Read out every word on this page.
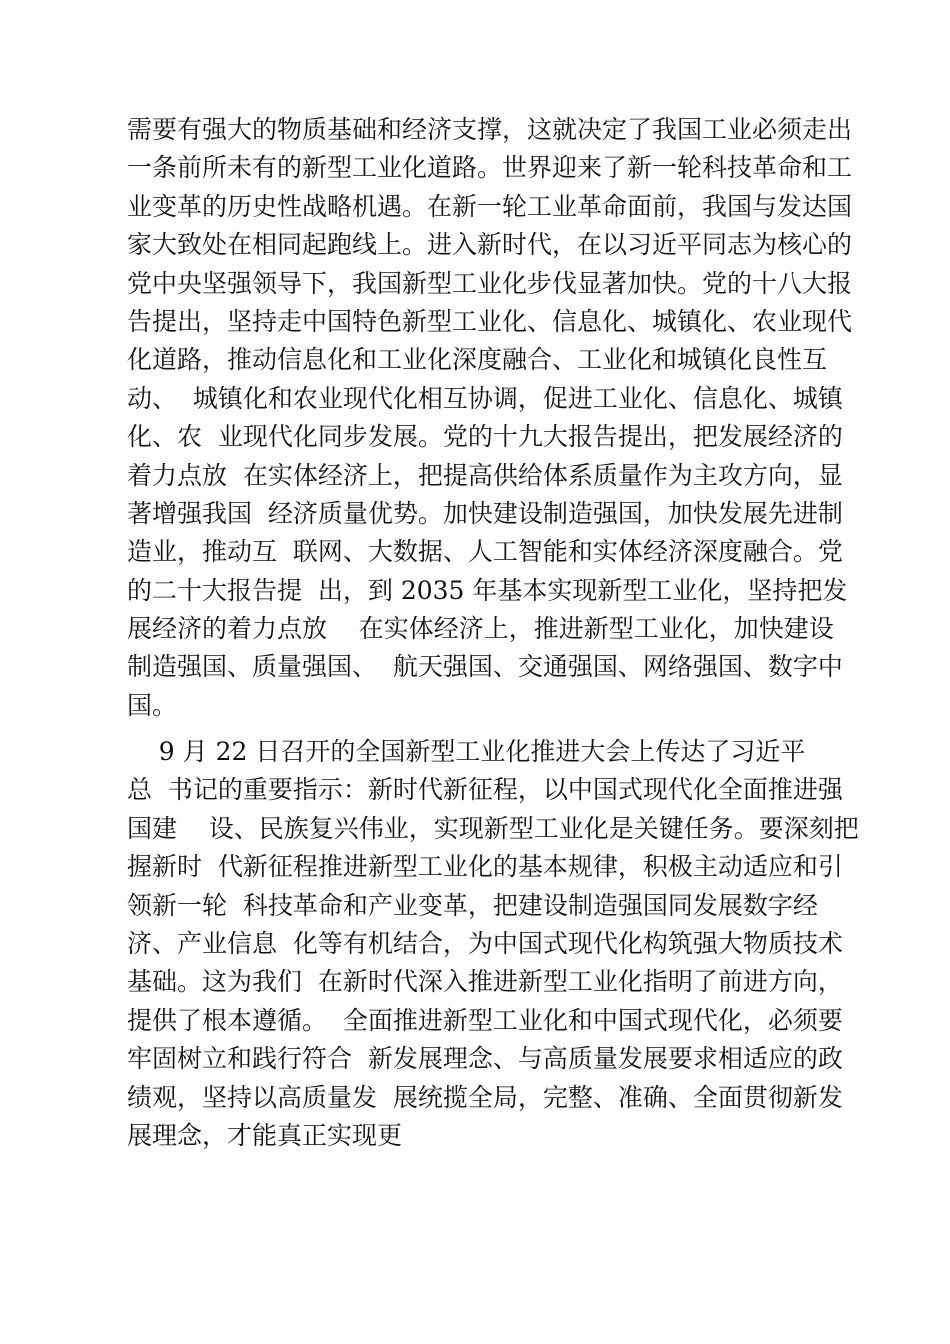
需要有强大的物质基础和经济支撑，这就决定了我国工业必须走出
一条前所未有的新型工业化道路。世界迎来了新一轮科技革命和工
业变革的历史性战略机遇。在新一轮工业革命面前，我国与发达国
家大致处在相同起跑线上。进入新时代，在以习近平同志为核心的
党中央坚强领导下，我国新型工业化步伐显著加快。党的十八大报
告提出，坚持走中国特色新型工业化、信息化、城镇化、农业现代
化道路，推动信息化和工业化深度融合、工业化和城镇化良性互
动、  城镇化和农业现代化相互协调，促进工业化、信息化、城镇
化、农  业现代化同步发展。党的十九大报告提出，把发展经济的
着力点放  在实体经济上，把提高供给体系质量作为主攻方向，显
著增强我国  经济质量优势。加快建设制造强国，加快发展先进制
造业，推动互  联网、大数据、人工智能和实体经济深度融合。党
的二十大报告提  出，到 2035 年基本实现新型工业化，坚持把发
展经济的着力点放    在实体经济上，推进新型工业化，加快建设
制造强国、质量强国、  航天强国、交通强国、网络强国、数字中
国。
9 月 22 日召开的全国新型工业化推进大会上传达了习近平
总  书记的重要指示：新时代新征程，以中国式现代化全面推进强
国建    设、民族复兴伟业，实现新型工业化是关键任务。要深刻把
握新时  代新征程推进新型工业化的基本规律，积极主动适应和引
领新一轮  科技革命和产业变革，把建设制造强国同发展数字经
济、产业信息  化等有机结合，为中国式现代化构筑强大物质技术
基础。这为我们  在新时代深入推进新型工业化指明了前进方向，
提供了根本遵循。  全面推进新型工业化和中国式现代化，必须要
牢固树立和践行符合  新发展理念、与高质量发展要求相适应的政
绩观，坚持以高质量发  展统揽全局，完整、准确、全面贯彻新发
展理念，才能真正实现更
